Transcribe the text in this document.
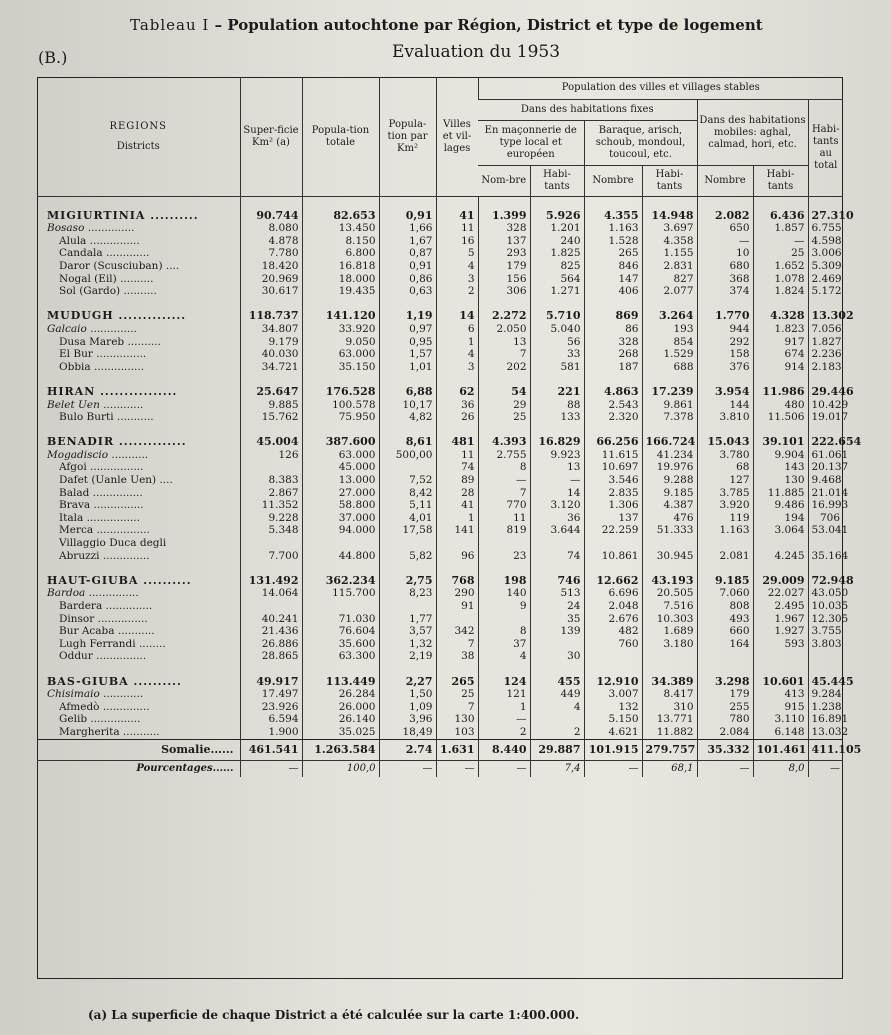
Tableau I – Population autochtone par Région, District et type de logement
(B.)	Evaluation du 1953
REGIONS
Districts	Super-ficie Km² (a)	Popula-tion totale	Popula-tion par Km²	Villes et vil-lages	Population des villes et villages stables						
					Dans des habitations fixes				Dans des habitations mobiles: aghal, calmad, hori, etc.		Habi-tants au total
					En maçonnerie de type local et européen		Baraque, arisch, schoub, mondoul, toucoul, etc.				
					Nom-bre	Habi-tants	Nombre	Habi-tants	Nombre	Habi-tants	

MIGIURTINIA ..........	90.744	82.653	0,91	41	1.399	5.926	4.355	14.948	2.082	6.436	27.310
Bosaso ..............	8.080	13.450	1,66	11	328	1.201	1.163	3.697	650	1.857	6.755
Alula ...............	4.878	8.150	1,67	16	137	240	1.528	4.358	—	—	4.598
Candala .............	7.780	6.800	0,87	5	293	1.825	265	1.155	10	25	3.006
Daror (Scusciuban) ....	18.420	16.818	0,91	4	179	825	846	2.831	680	1.652	5.309
Nogal (Eil) ..........	20.969	18.000	0,86	3	156	564	147	827	368	1.078	2.469
Sol (Gardo) ..........	30.617	19.435	0,63	2	306	1.271	406	2.077	374	1.824	5.172

MUDUGH ..............	118.737	141.120	1,19	14	2.272	5.710	869	3.264	1.770	4.328	13.302
Galcaio ..............	34.807	33.920	0,97	6	2.050	5.040	86	193	944	1.823	7.056
Dusa Mareb ..........	9.179	9.050	0,95	1	13	56	328	854	292	917	1.827
El Bur ...............	40.030	63.000	1,57	4	7	33	268	1.529	158	674	2.236
Obbia ...............	34.721	35.150	1,01	3	202	581	187	688	376	914	2.183

HIRAN ................	25.647	176.528	6,88	62	54	221	4.863	17.239	3.954	11.986	29.446
Belet Uen ............	9.885	100.578	10,17	36	29	88	2.543	9.861	144	480	10.429
Bulo Burti ...........	15.762	75.950	4,82	26	25	133	2.320	7.378	3.810	11.506	19.017

BENADIR ..............	45.004	387.600	8,61	481	4.393	16.829	66.256	166.724	15.043	39.101	222.654
Mogadiscio ...........	126	63.000	500,00	11	2.755	9.923	11.615	41.234	3.780	9.904	61.061
Afgoi ................		45.000		74	8	13	10.697	19.976	68	143	20.137
Dafet (Uanle Uen) ....	8.383	13.000	7,52	89	—	—	3.546	9.288	127	130	9.468
Balad ...............	2.867	27.000	8,42	28	7	14	2.835	9.185	3.785	11.885	21.014
Brava ...............	11.352	58.800	5,11	41	770	3.120	1.306	4.387	3.920	9.486	16.993
Itala ................	9.228	37.000	4,01	1	11	36	137	476	119	194	706
Merca ................	5.348	94.000	17,58	141	819	3.644	22.259	51.333	1.163	3.064	53.041
Villaggio Duca degli											
Abruzzi ..............	7.700	44.800	5,82	96	23	74	10.861	30.945	2.081	4.245	35.164

HAUT-GIUBA ..........	131.492	362.234	2,75	768	198	746	12.662	43.193	9.185	29.009	72.948
Bardoa ...............	14.064	115.700	8,23	290	140	513	6.696	20.505	7.060	22.027	43.050
Bardera ..............				91	9	24	2.048	7.516	808	2.495	10.035
Dinsor ...............	40.241	71.030	1,77			35	2.676	10.303	493	1.967	12.305
Bur Acaba ...........	21.436	76.604	3,57	342	8	139	482	1.689	660	1.927	3.755
Lugh Ferrandi ........	26.886	35.600	1,32	7	37		760	3.180	164	593	3.803
Oddur ...............	28.865	63.300	2,19	38	4	30					

BAS-GIUBA ..........	49.917	113.449	2,27	265	124	455	12.910	34.389	3.298	10.601	45.445
Chisimaio ............	17.497	26.284	1,50	25	121	449	3.007	8.417	179	413	9.284
Afmedò ..............	23.926	26.000	1,09	7	1	4	132	310	255	915	1.238
Gelib ...............	6.594	26.140	3,96	130	—		5.150	13.771	780	3.110	16.891
Margherita ...........	1.900	35.025	18,49	103	2	2	4.621	11.882	2.084	6.148	13.032
Somalie......	461.541	1.263.584	2.74	1.631	8.440	29.887	101.915	279.757	35.332	101.461	411.105
Pourcentages......	—	100,0	—	—	—	7,4	—	68,1	—	8,0	—
(a) La superficie de chaque District a été calculée sur la carte 1:400.000.
